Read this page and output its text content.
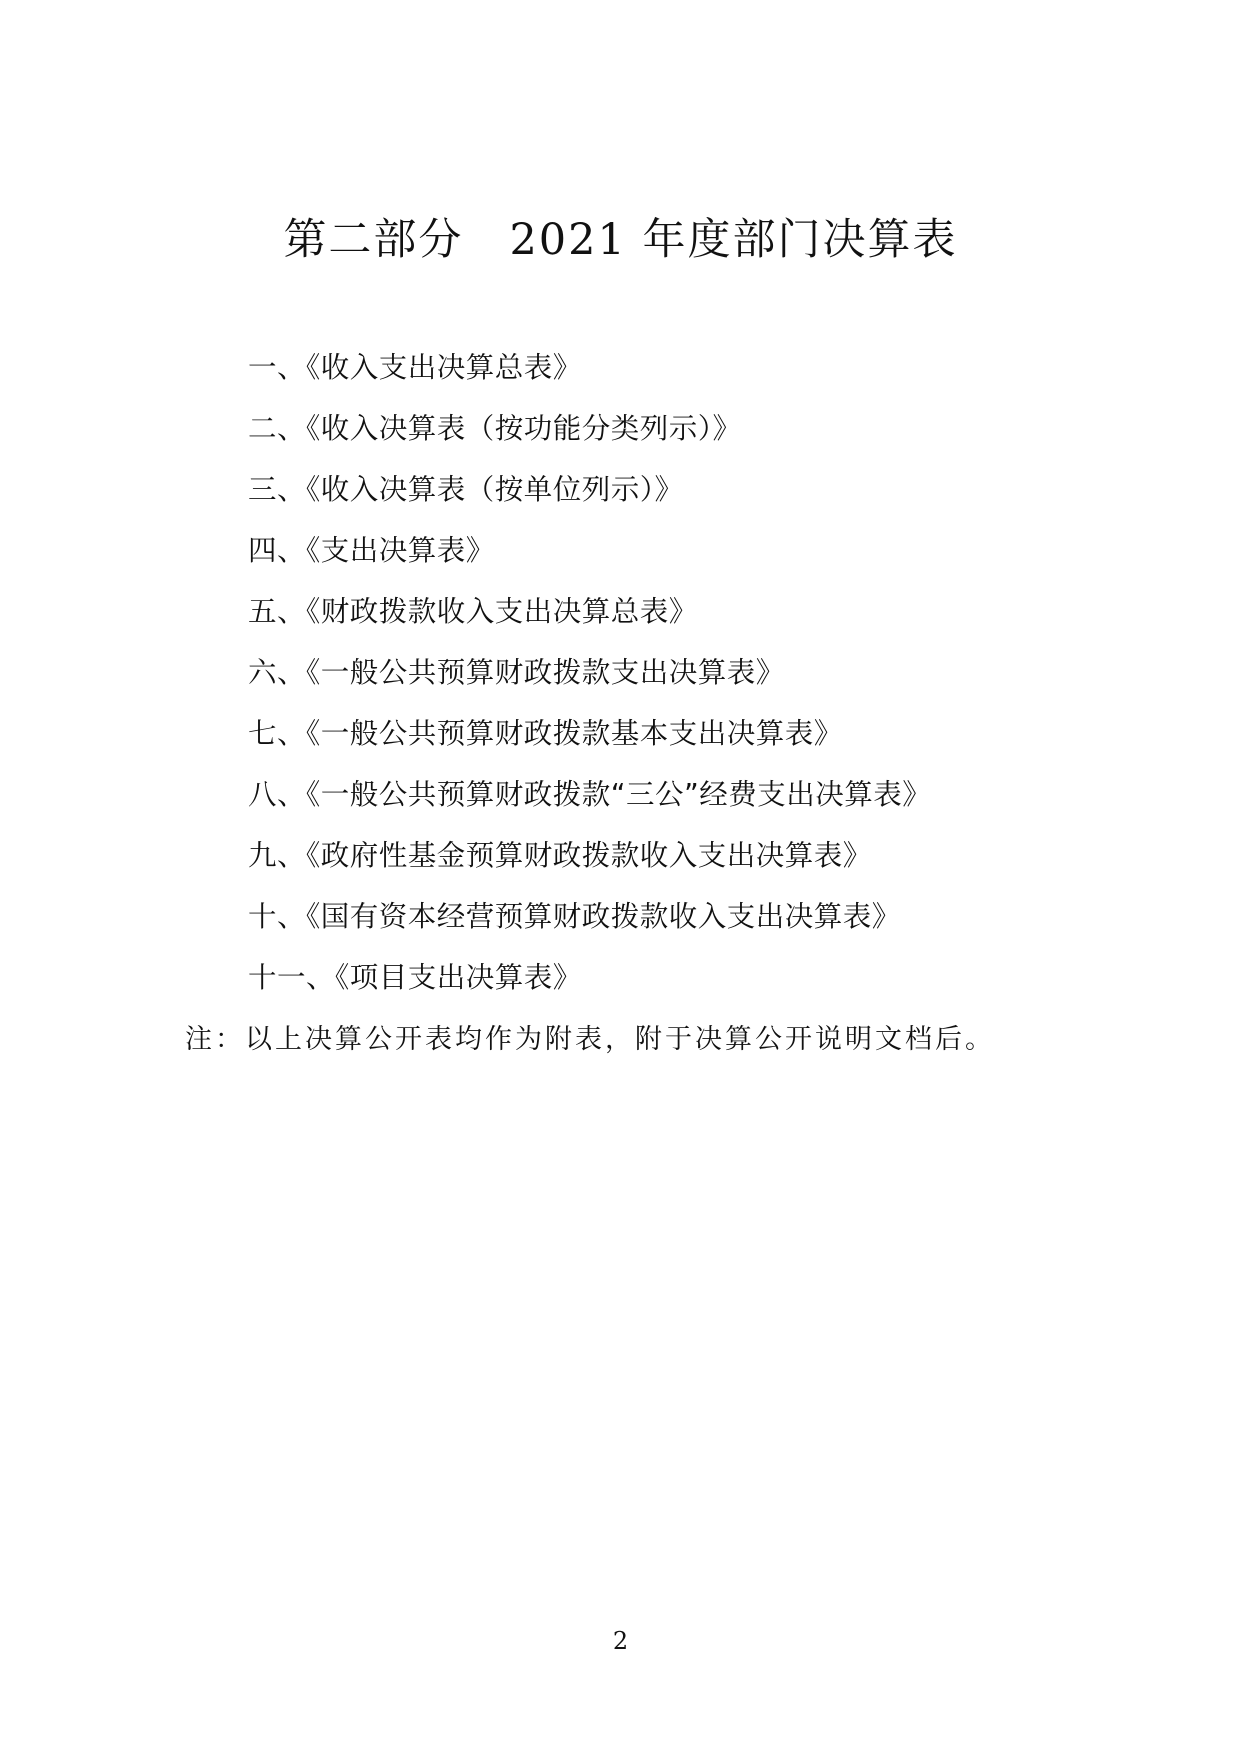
第二部分 2021 年度部门决算表
一、《收入支出决算总表》
二、《收入决算表（按功能分类列示）》
三、《收入决算表（按单位列示）》
四、《支出决算表》
五、《财政拨款收入支出决算总表》
六、《一般公共预算财政拨款支出决算表》
七、《一般公共预算财政拨款基本支出决算表》
八、《一般公共预算财政拨款“三公”经费支出决算表》
九、《政府性基金预算财政拨款收入支出决算表》
十、《国有资本经营预算财政拨款收入支出决算表》
十一、《项目支出决算表》
注：以上决算公开表均作为附表，附于决算公开说明文档后。
2
